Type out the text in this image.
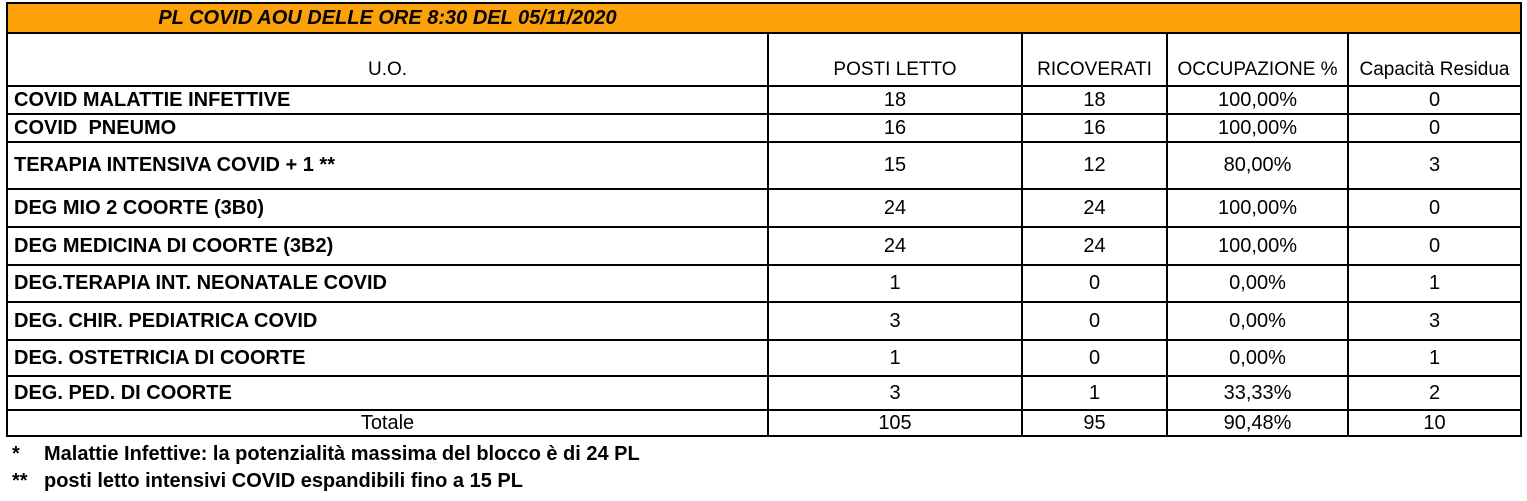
PL COVID AOU DELLE ORE 8:30 DEL 05/11/2020
U.O.	POSTI LETTO	RICOVERATI	OCCUPAZIONE %	Capacità Residua
COVID MALATTIE INFETTIVE	18	18	100,00%	0
COVID  PNEUMO	16	16	100,00%	0
TERAPIA INTENSIVA COVID + 1 **	15	12	80,00%	3
DEG MIO 2 COORTE (3B0)	24	24	100,00%	0
DEG MEDICINA DI COORTE (3B2)	24	24	100,00%	0
DEG.TERAPIA INT. NEONATALE COVID	1	0	0,00%	1
DEG. CHIR. PEDIATRICA COVID	3	0	0,00%	3
DEG. OSTETRICIA DI COORTE	1	0	0,00%	1
DEG. PED. DI COORTE	3	1	33,33%	2
Totale	105	95	90,48%	10
*	Malattie Infettive: la potenzialità massima del blocco è di 24 PL
** posti letto intensivi COVID espandibili fino a 15 PL
